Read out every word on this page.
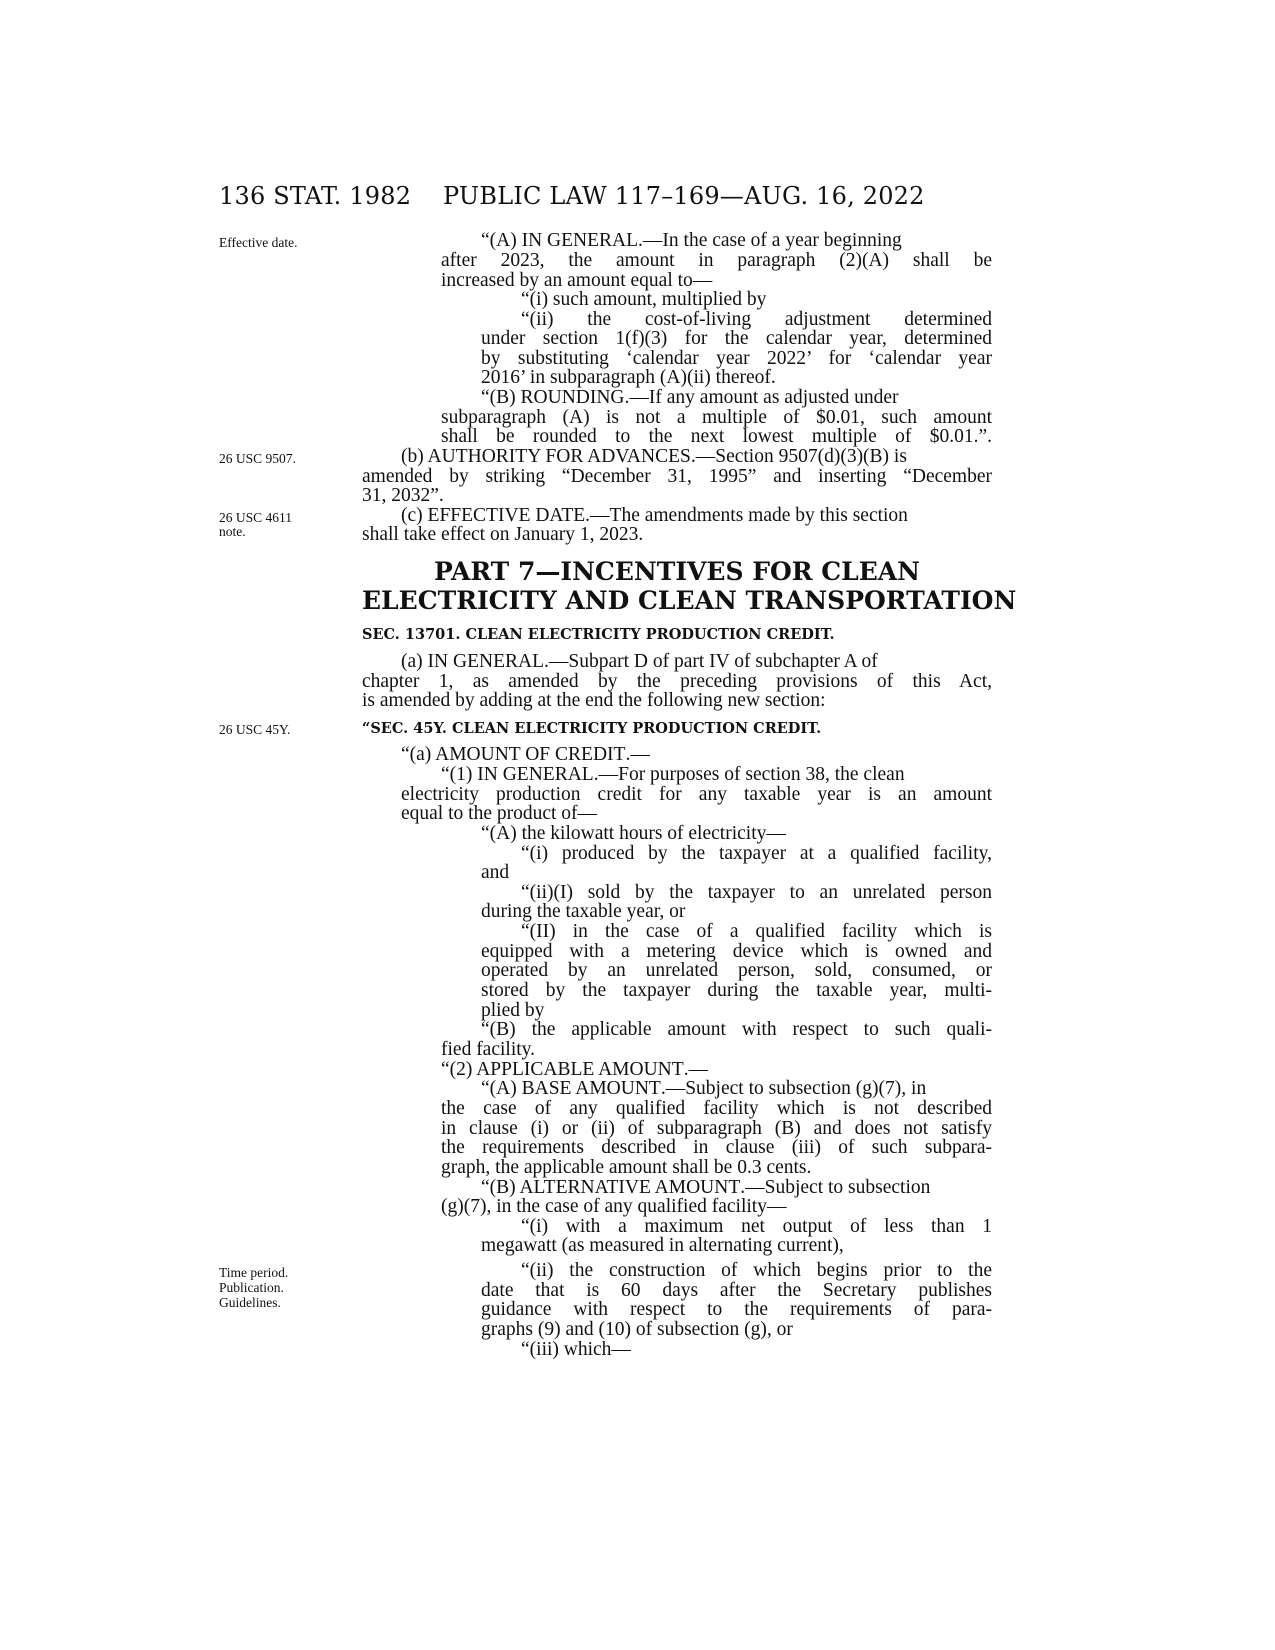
136 STAT. 1982 PUBLIC LAW 117–169—AUG. 16, 2022
Effective date.
26 USC 9507.
26 USC 4611
note.
26 USC 45Y.
Time period.
Publication.
Guidelines.
“(A) IN GENERAL.—In the case of a year beginning
after 2023, the amount in paragraph (2)(A) shall be
increased by an amount equal to—
“(i) such amount, multiplied by
“(ii) the cost-of-living adjustment determined
under section 1(f)(3) for the calendar year, determined
by substituting ‘calendar year 2022’ for ‘calendar year
2016’ in subparagraph (A)(ii) thereof.
“(B) ROUNDING.—If any amount as adjusted under
subparagraph (A) is not a multiple of $0.01, such amount
shall be rounded to the next lowest multiple of $0.01.”.
(b) AUTHORITY FOR ADVANCES.—Section 9507(d)(3)(B) is
amended by striking “December 31, 1995” and inserting “December
31, 2032”.
(c) EFFECTIVE DATE.—The amendments made by this section
shall take effect on January 1, 2023.
PART 7—INCENTIVES FOR CLEAN
ELECTRICITY AND CLEAN TRANSPORTATION
SEC. 13701. CLEAN ELECTRICITY PRODUCTION CREDIT.
(a) IN GENERAL.—Subpart D of part IV of subchapter A of
chapter 1, as amended by the preceding provisions of this Act,
is amended by adding at the end the following new section:
“SEC. 45Y. CLEAN ELECTRICITY PRODUCTION CREDIT.
“(a) AMOUNT OF CREDIT.—
“(1) IN GENERAL.—For purposes of section 38, the clean
electricity production credit for any taxable year is an amount
equal to the product of—
“(A) the kilowatt hours of electricity—
“(i) produced by the taxpayer at a qualified facility,
and
“(ii)(I) sold by the taxpayer to an unrelated person
during the taxable year, or
“(II) in the case of a qualified facility which is
equipped with a metering device which is owned and
operated by an unrelated person, sold, consumed, or
stored by the taxpayer during the taxable year, multi-
plied by
“(B) the applicable amount with respect to such quali-
fied facility.
“(2) APPLICABLE AMOUNT.—
“(A) BASE AMOUNT.—Subject to subsection (g)(7), in
the case of any qualified facility which is not described
in clause (i) or (ii) of subparagraph (B) and does not satisfy
the requirements described in clause (iii) of such subpara-
graph, the applicable amount shall be 0.3 cents.
“(B) ALTERNATIVE AMOUNT.—Subject to subsection
(g)(7), in the case of any qualified facility—
“(i) with a maximum net output of less than 1
megawatt (as measured in alternating current),
“(ii) the construction of which begins prior to the
date that is 60 days after the Secretary publishes
guidance with respect to the requirements of para-
graphs (9) and (10) of subsection (g), or
“(iii) which—
